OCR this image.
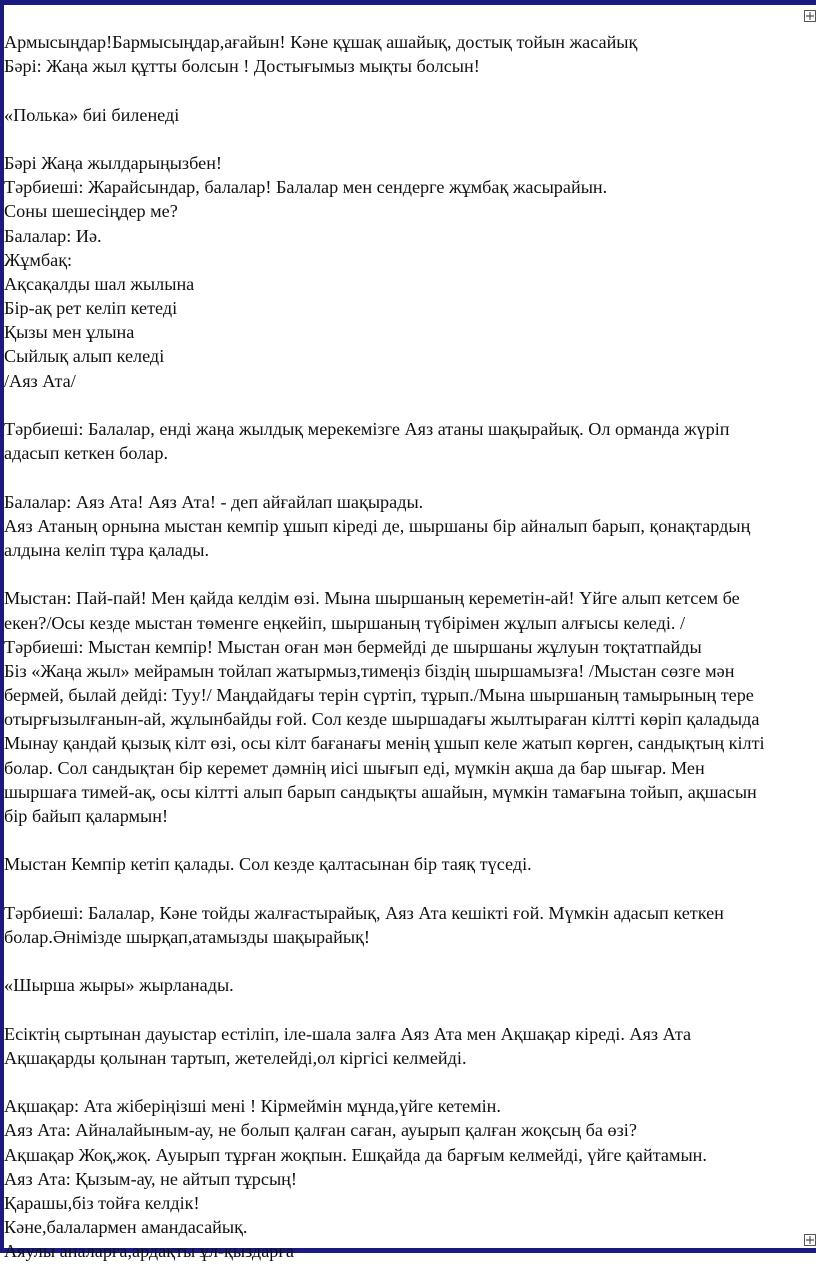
Армысыңдар!Бармысыңдар,ағайын! Кәне құшақ ашайық, достық тойын жасайық

Бәрі: Жаңа жыл құтты болсын ! Достығымыз мықты болсын!

«Полька» биі биленеді

Бәрі Жаңа жылдарыңызбен!

Тәрбиеші: Жарайсындар, балалар! Балалар мен сендерге жұмбақ жасырайын.

Соны шешесіңдер ме?

Балалар: Иә.

Жұмбақ:

Ақсақалды шал жылына

Бір-ақ рет келіп кетеді

Қызы мен ұлына

Сыйлық алып келеді

/Аяз Ата/

Тәрбиеші: Балалар, енді жаңа жылдық мерекемізге Аяз атаны шақырайық. Ол орманда жүріп

адасып кеткен болар.

Балалар: Аяз Ата! Аяз Ата! - деп айғайлап шақырады.

Аяз Атаның орнына мыстан кемпір ұшып кіреді де, шыршаны бір айналып барып, қонақтардың

алдына келіп тұра қалады.

Мыстан: Пай-пай! Мен қайда келдім өзі. Мына шыршаның кереметін-ай! Үйге алып кетсем бе

екен?/Осы кезде мыстан төменге еңкейіп, шыршаның түбірімен жұлып алғысы келеді. /

Тәрбиеші: Мыстан кемпір! Мыстан оған мән бермейді де шыршаны жұлуын тоқтатпайды

Біз «Жаңа жыл» мейрамын тойлап жатырмыз,тимеңіз біздің шыршамызға! /Мыстан сөзге мән

бермей, былай дейді: Туу!/ Маңдайдағы терін сүртіп, тұрып./Мына шыршаның тамырының тере

отырғызылғанын-ай, жұлынбайды ғой. Сол кезде шыршадағы жылтыраған кілтті көріп қаладыда

Мынау қандай қызық кілт өзі, осы кілт бағанағы менің ұшып келе жатып көрген, сандықтың кілті

болар. Сол сандықтан бір керемет дәмнің иісі шығып еді, мүмкін ақша да бар шығар. Мен

шыршаға тимей-ақ, осы кілтті алып барып сандықты ашайын, мүмкін тамағына тойып, ақшасын

бір байып қалармын!

Мыстан Кемпір кетіп қалады. Сол кезде қалтасынан бір таяқ түседі.

Тәрбиеші: Балалар, Кәне тойды жалғастырайық, Аяз Ата кешікті ғой. Мүмкін адасып кеткен

болар.Әнімізде шырқап,атамызды шақырайық!

«Шырша жыры» жырланады.

Есіктің сыртынан дауыстар естіліп, іле-шала залға Аяз Ата мен Ақшақар кіреді. Аяз Ата

Ақшақарды қолынан тартып, жетелейді,ол кіргісі келмейді.

Ақшақар: Ата жіберіңізші мені ! Кірмеймін мұнда,үйге кетемін.

Аяз Ата: Айналайыным-ау, не болып қалған саған, ауырып қалған жоқсың ба өзі?

Ақшақар Жоқ,жоқ. Ауырып тұрған жоқпын. Ешқайда да барғым келмейді, үйге қайтамын.

Аяз Ата: Қызым-ау, не айтып тұрсың!

Қарашы,біз тойға келдік!

Кәне,балалармен амандасайық.

Аяулы аналарға,ардақты ұл-қыздарға
